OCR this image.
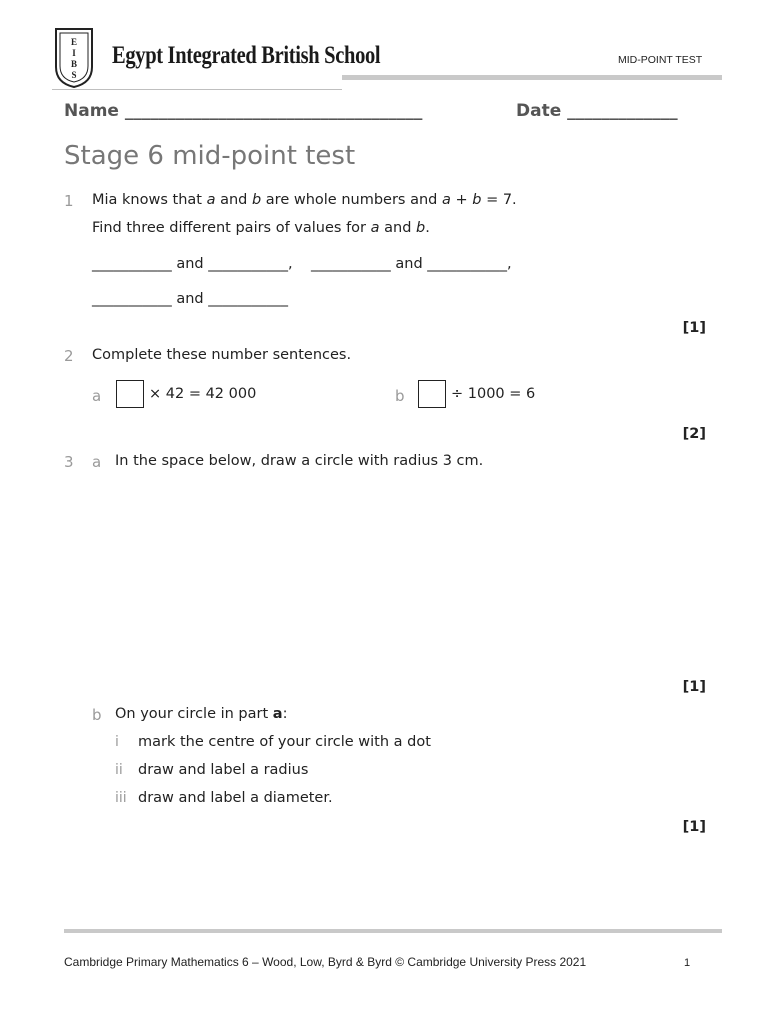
E
I
B
S
Egypt Integrated British School	MID-POINT TEST
Name ___________________________________	Date _____________
Stage 6 mid-point test
1 Mia knows that a and b are whole numbers and a + b = 7.
Find three different pairs of values for a and b.
___________ and ___________,    ___________ and ___________,
___________ and ___________
[1]
2 Complete these number sentences.
a	× 42 = 42 000	b	÷ 1000 = 6
[2]
3 a In the space below, draw a circle with radius 3 cm.
[1]
b On your circle in part a:
i mark the centre of your circle with a dot
ii draw and label a radius
iii draw and label a diameter.
[1]
Cambridge Primary Mathematics 6 – Wood, Low, Byrd & Byrd © Cambridge University Press 2021	1
